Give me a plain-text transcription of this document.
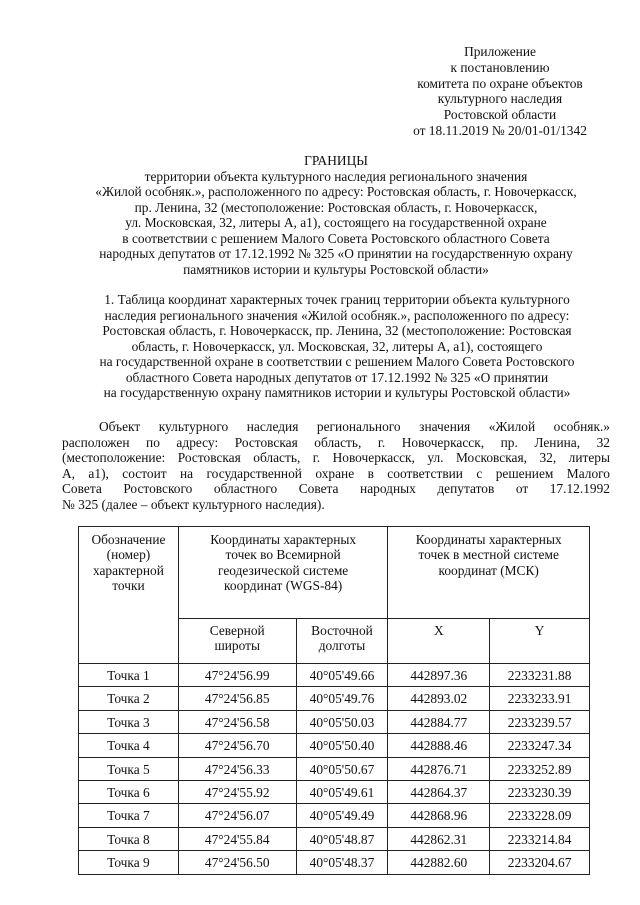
Приложение
к постановлению
комитета по охране объектов
культурного наследия
Ростовской области
от 18.11.2019 № 20/01-01/1342
ГРАНИЦЫ
территории объекта культурного наследия регионального значения
«Жилой особняк.», расположенного по адресу: Ростовская область, г. Новочеркасск,
пр. Ленина, 32 (местоположение: Ростовская область, г. Новочеркасск,
ул. Московская, 32, литеры А, а1), состоящего на государственной охране
в соответствии с решением Малого Совета Ростовского областного Совета
народных депутатов от 17.12.1992 № 325 «О принятии на государственную охрану
памятников истории и культуры Ростовской области»
1. Таблица координат характерных точек границ территории объекта культурного
наследия регионального значения «Жилой особняк.», расположенного по адресу:
Ростовская область, г. Новочеркасск, пр. Ленина, 32 (местоположение: Ростовская
область, г. Новочеркасск, ул. Московская, 32, литеры А, а1), состоящего
на государственной охране в соответствии с решением Малого Совета Ростовского
областного Совета народных депутатов от 17.12.1992 № 325 «О принятии
на государственную охрану памятников истории и культуры Ростовской области»
Объект культурного наследия регионального значения «Жилой особняк.»
расположен по адресу: Ростовская область, г. Новочеркасск, пр. Ленина, 32
(местоположение: Ростовская область, г. Новочеркасск, ул. Московская, 32, литеры
А, а1), состоит на государственной охране в соответствии с решением Малого
Совета Ростовского областного Совета народных депутатов от 17.12.1992
№ 325 (далее – объект культурного наследия).
Обозначение
(номер)
характерной
точки	Координаты характерных
точек во Всемирной
геодезической системе
координат (WGS-84)		Координаты характерных
точек в местной системе
координат (МСК)	

	Северной
широты	Восточной
долготы	X	Y
Точка 1	47°24'56.99	40°05'49.66	442897.36	2233231.88
Точка 2	47°24'56.85	40°05'49.76	442893.02	2233233.91
Точка 3	47°24'56.58	40°05'50.03	442884.77	2233239.57
Точка 4	47°24'56.70	40°05'50.40	442888.46	2233247.34
Точка 5	47°24'56.33	40°05'50.67	442876.71	2233252.89
Точка 6	47°24'55.92	40°05'49.61	442864.37	2233230.39
Точка 7	47°24'56.07	40°05'49.49	442868.96	2233228.09
Точка 8	47°24'55.84	40°05'48.87	442862.31	2233214.84
Точка 9	47°24'56.50	40°05'48.37	442882.60	2233204.67
